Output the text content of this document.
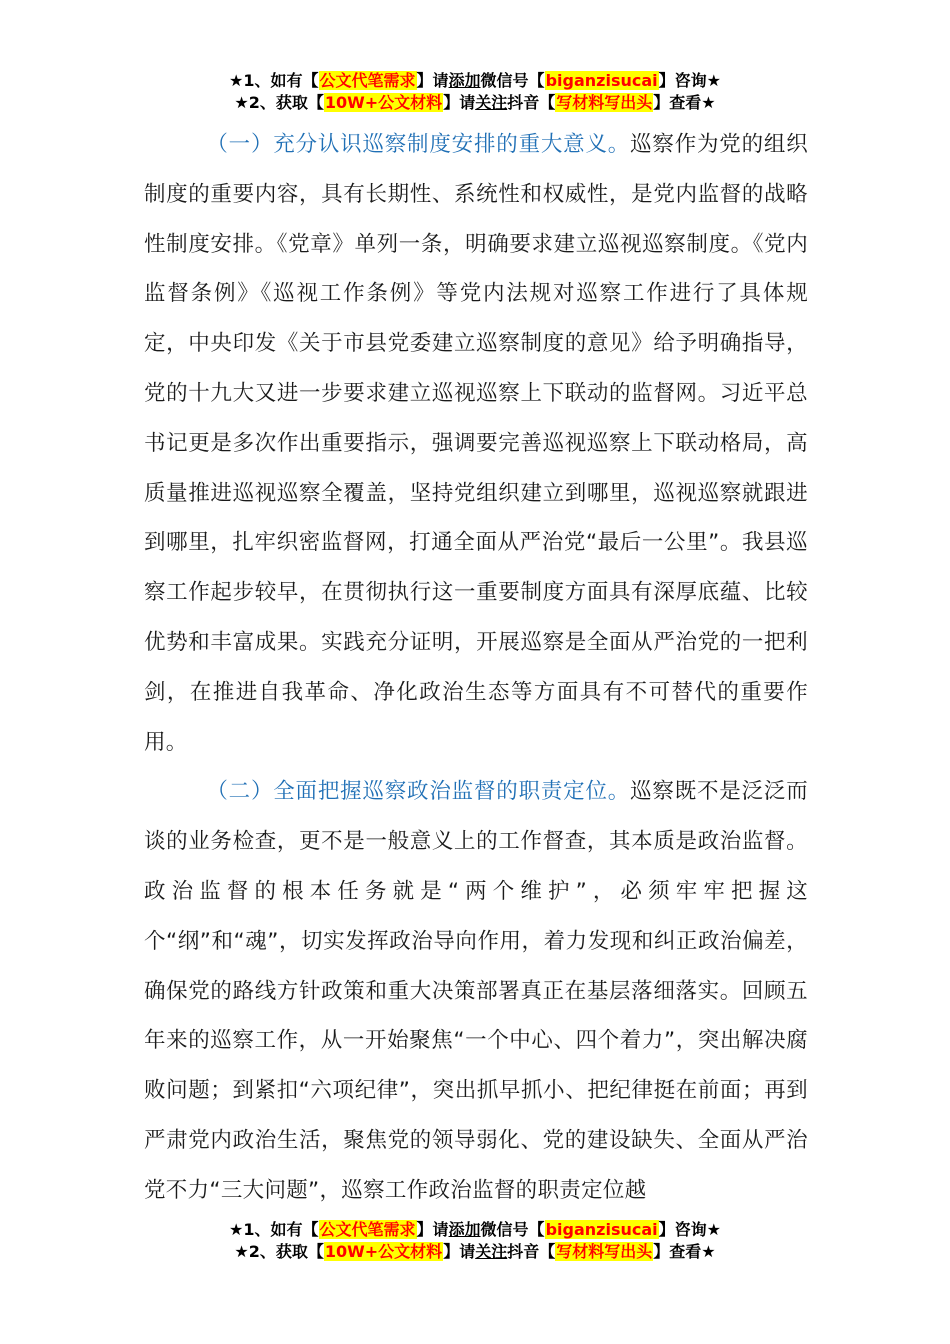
★1、如有【公文代笔需求】请添加微信号【biganzisucai】咨询★
★2、获取【10W+公文材料】请关注抖音【写材料写出头】查看★

（一）充分认识巡察制度安排的重大意义。巡察作为党的组织制度的重要内容，具有长期性、系统性和权威性，是党内监督的战略性制度安排。《党章》单列一条，明确要求建立巡视巡察制度。《党内监督条例》《巡视工作条例》等党内法规对巡察工作进行了具体规定，中央印发《关于市县党委建立巡察制度的意见》给予明确指导，党的十九大又进一步要求建立巡视巡察上下联动的监督网。习近平总书记更是多次作出重要指示，强调要完善巡视巡察上下联动格局，高质量推进巡视巡察全覆盖，坚持党组织建立到哪里，巡视巡察就跟进到哪里，扎牢织密监督网，打通全面从严治党“最后一公里”。我县巡察工作起步较早，在贯彻执行这一重要制度方面具有深厚底蕴、比较优势和丰富成果。实践充分证明，开展巡察是全面从严治党的一把利剑，在推进自我革命、净化政治生态等方面具有不可替代的重要作用。

（二）全面把握巡察政治监督的职责定位。巡察既不是泛泛而谈的业务检查，更不是一般意义上的工作督查，其本质是政治监督。政治监督的根本任务就是“两个维护”，必须牢牢把握这个“纲”和“魂”，切实发挥政治导向作用，着力发现和纠正政治偏差，确保党的路线方针政策和重大决策部署真正在基层落细落实。回顾五年来的巡察工作，从一开始聚焦“一个中心、四个着力”，突出解决腐败问题；到紧扣“六项纪律”，突出抓早抓小、把纪律挺在前面；再到严肃党内政治生活，聚焦党的领导弱化、党的建设缺失、全面从严治党不力“三大问题”，巡察工作政治监督的职责定位越

★1、如有【公文代笔需求】请添加微信号【biganzisucai】咨询★
★2、获取【10W+公文材料】请关注抖音【写材料写出头】查看★
